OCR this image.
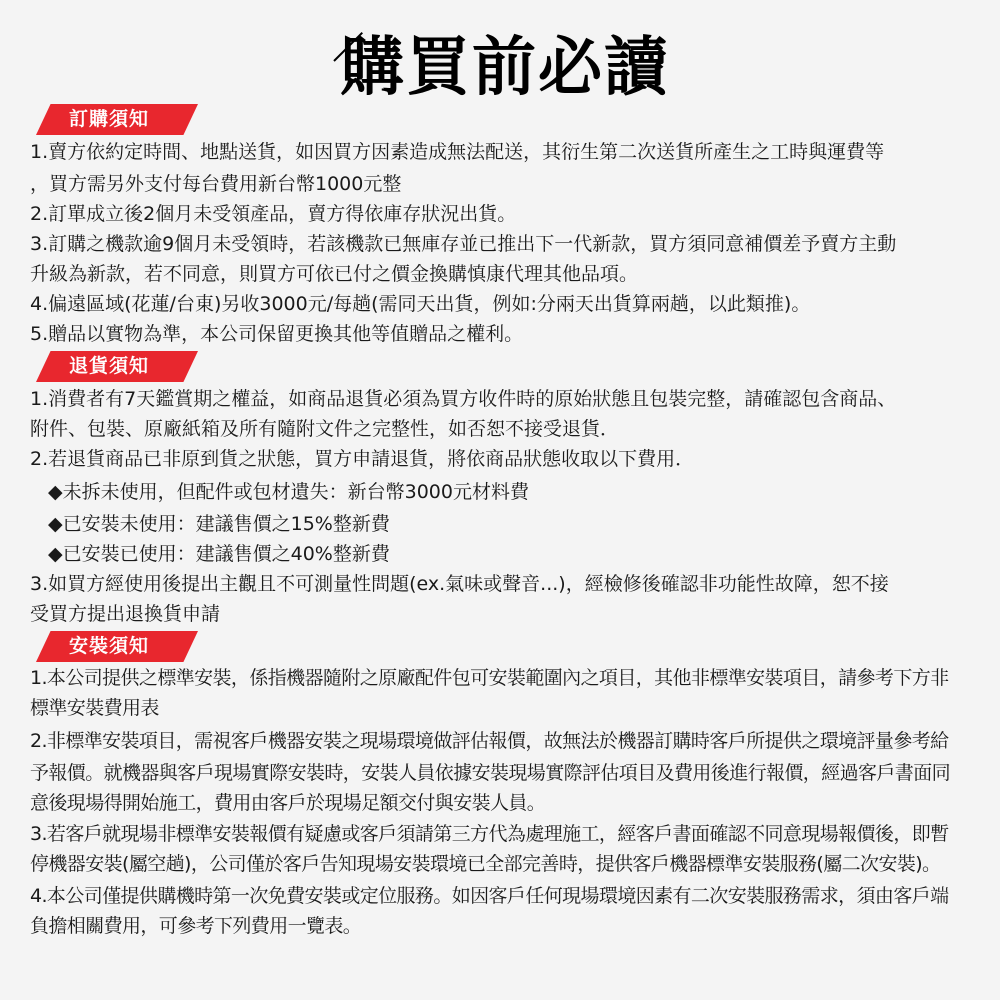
購買前必讀
訂購須知
1.賣方依約定時間、地點送貨，如因買方因素造成無法配送，其衍生第二次送貨所產生之工時與運費等
，買方需另外支付每台費用新台幣1000元整
2.訂單成立後2個月未受領產品，賣方得依庫存狀況出貨。
3.訂購之機款逾9個月未受領時，若該機款已無庫存並已推出下一代新款，買方須同意補價差予賣方主動
升級為新款，若不同意，則買方可依已付之價金換購慎康代理其他品項。
4.偏遠區域(花蓮/台東)另收3000元/每趟(需同天出貨，例如:分兩天出貨算兩趟，以此類推)。
5.贈品以實物為準，本公司保留更換其他等值贈品之權利。
退貨須知
1.消費者有7天鑑賞期之權益，如商品退貨必須為買方收件時的原始狀態且包裝完整，請確認包含商品、
附件、包裝、原廠紙箱及所有隨附文件之完整性，如否恕不接受退貨．
2.若退貨商品已非原到貨之狀態，買方申請退貨，將依商品狀態收取以下費用．
◆未拆未使用，但配件或包材遺失：新台幣3000元材料費
◆已安裝未使用：建議售價之15%整新費
◆已安裝已使用：建議售價之40%整新費
3.如買方經使用後提出主觀且不可測量性問題(ex.氣味或聲音...)，經檢修後確認非功能性故障，恕不接
受買方提出退換貨申請
安裝須知
1.本公司提供之標準安裝，係指機器隨附之原廠配件包可安裝範圍內之項目，其他非標準安裝項目，請參考下方非
標準安裝費用表
2.非標準安裝項目，需視客戶機器安裝之現場環境做評估報價，故無法於機器訂購時客戶所提供之環境評量參考給
予報價。就機器與客戶現場實際安裝時，安裝人員依據安裝現場實際評估項目及費用後進行報價，經過客戶書面同
意後現場得開始施工，費用由客戶於現場足額交付與安裝人員。
3.若客戶就現場非標準安裝報價有疑慮或客戶須請第三方代為處理施工，經客戶書面確認不同意現場報價後，即暫
停機器安裝(屬空趟)，公司僅於客戶告知現場安裝環境已全部完善時，提供客戶機器標準安裝服務(屬二次安裝)。
4.本公司僅提供購機時第一次免費安裝或定位服務。如因客戶任何現場環境因素有二次安裝服務需求，須由客戶端
負擔相關費用，可參考下列費用一覽表。
